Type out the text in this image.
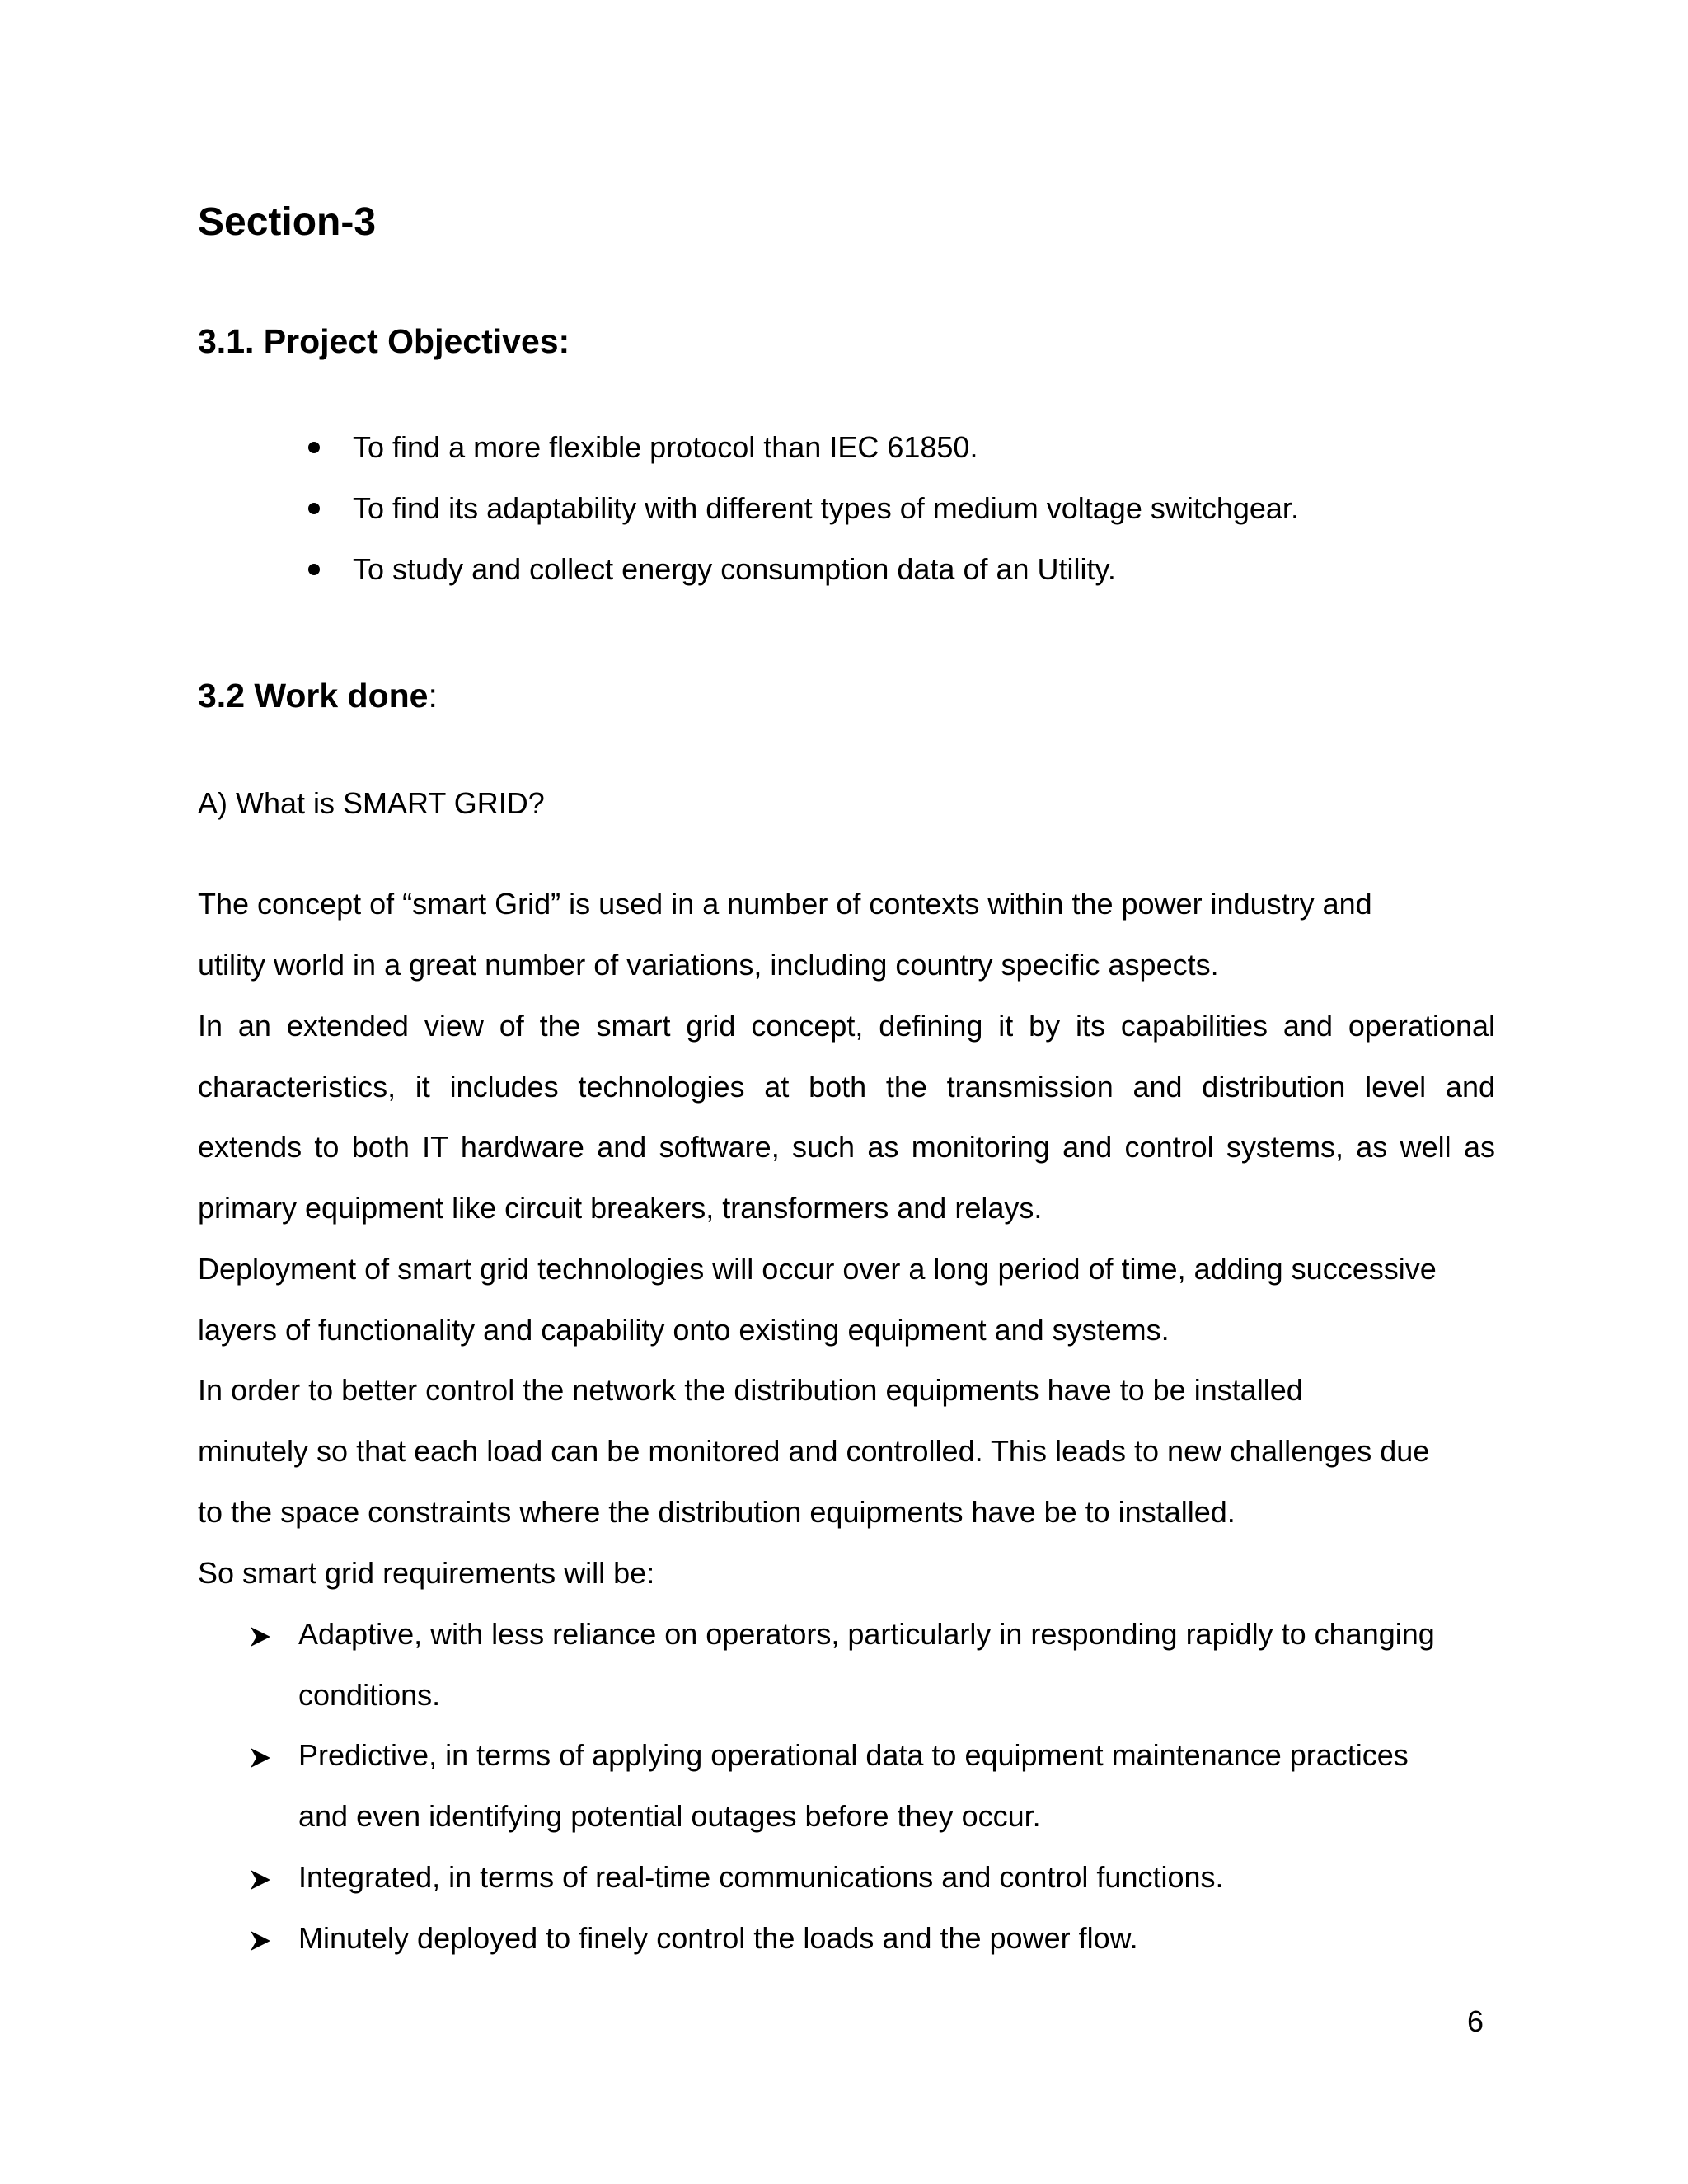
Section-3
3.1. Project Objectives:

To find a more flexible protocol than IEC 61850.

To find its adaptability with different types of medium voltage switchgear.

To study and collect energy consumption data of an Utility.

3.2 Work done:

A) What is SMART GRID?

The concept of “smart Grid” is used in a number of contexts within the power industry and

utility world in a great number of variations, including country specific aspects.

In an extended view of the smart grid concept, defining it by its capabilities and operational

characteristics, it includes technologies at both the transmission and distribution level and

extends to both IT hardware and software, such as monitoring and control systems, as well as

primary equipment like circuit breakers, transformers and relays.

Deployment of smart grid technologies will occur over a long period of time, adding successive

layers of functionality and capability onto existing equipment and systems.

In order to better control the network the distribution equipments have to be installed

minutely so that each load can be monitored and controlled. This leads to new challenges due

to the space constraints where the distribution equipments have be to installed.

So smart grid requirements will be:

Adaptive, with less reliance on operators, particularly in responding rapidly to changing

conditions.

Predictive, in terms of applying operational data to equipment maintenance practices

and even identifying potential outages before they occur.

Integrated, in terms of real-time communications and control functions.

Minutely deployed to finely control the loads and the power flow.

6
